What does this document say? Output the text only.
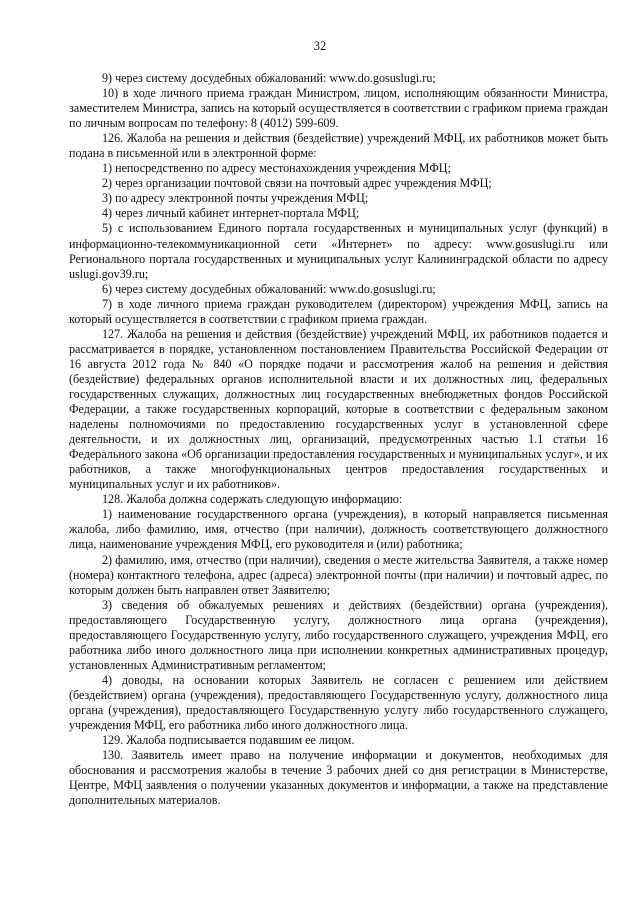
32

9) через систему досудебных обжалований: www.do.gosuslugi.ru;

10) в ходе личного приема граждан Министром, лицом, исполняющим обязанности Министра, заместителем Министра, запись на который осуществляется в соответствии с графиком приема граждан по личным вопросам по телефону: 8 (4012) 599-609.

126. Жалоба на решения и действия (бездействие) учреждений МФЦ, их работников может быть подана в письменной или в электронной форме:

1) непосредственно по адресу местонахождения учреждения МФЦ;

2) через организации почтовой связи на почтовый адрес учреждения МФЦ;

3) по адресу электронной почты учреждения МФЦ;

4) через личный кабинет интернет-портала МФЦ;

5) с использованием Единого портала государственных и муниципальных услуг (функций) в информационно-телекоммуникационной сети «Интернет» по адресу: www.gosuslugi.ru или Регионального портала государственных и муниципальных услуг Калининградской области по адресу uslugi.gov39.ru;

6) через систему досудебных обжалований: www.do.gosuslugi.ru;

7) в ходе личного приема граждан руководителем (директором) учреждения МФЦ, запись на который осуществляется в соответствии с графиком приема граждан.

127. Жалоба на решения и действия (бездействие) учреждений МФЦ, их работников подается и рассматривается в порядке, установленном постановлением Правительства Российской Федерации от 16 августа 2012 года № 840 «О порядке подачи и рассмотрения жалоб на решения и действия (бездействие) федеральных органов исполнительной власти и их должностных лиц, федеральных государственных служащих, должностных лиц государственных внебюджетных фондов Российской Федерации, а также государственных корпораций, которые в соответствии с федеральным законом наделены полномочиями по предоставлению государственных услуг в установленной сфере деятельности, и их должностных лиц, организаций, предусмотренных частью 1.1 статьи 16 Федерального закона «Об организации предоставления государственных и муниципальных услуг», и их работников, а также многофункциональных центров предоставления государственных и муниципальных услуг и их работников».

128. Жалоба должна содержать следующую информацию:

1) наименование государственного органа (учреждения), в который направляется письменная жалоба, либо фамилию, имя, отчество (при наличии), должность соответствующего должностного лица, наименование учреждения МФЦ, его руководителя и (или) работника;

2) фамилию, имя, отчество (при наличии), сведения о месте жительства Заявителя, а также номер (номера) контактного телефона, адрес (адреса) электронной почты (при наличии) и почтовый адрес, по которым должен быть направлен ответ Заявителю;

3) сведения об обжалуемых решениях и действиях (бездействии) органа (учреждения), предоставляющего Государственную услугу, должностного лица органа (учреждения), предоставляющего Государственную услугу, либо государственного служащего, учреждения МФЦ, его работника либо иного должностного лица при исполнении конкретных административных процедур, установленных Административным регламентом;

4) доводы, на основании которых Заявитель не согласен с решением или действием (бездействием) органа (учреждения), предоставляющего Государственную услугу, должностного лица органа (учреждения), предоставляющего Государственную услугу либо государственного служащего, учреждения МФЦ, его работника либо иного должностного лица.

129. Жалоба подписывается подавшим ее лицом.

130. Заявитель имеет право на получение информации и документов, необходимых для обоснования и рассмотрения жалобы в течение 3 рабочих дней со дня регистрации в Министерстве, Центре, МФЦ заявления о получении указанных документов и информации, а также на представление дополнительных материалов.
